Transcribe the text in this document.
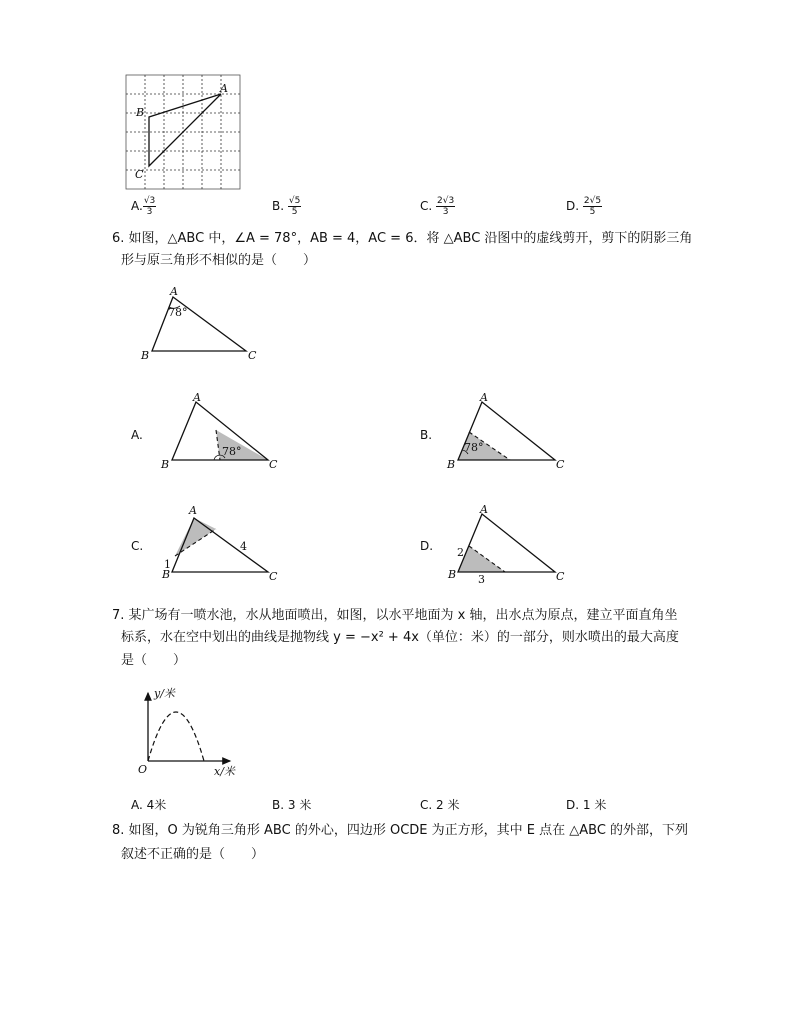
A
B
C
A. $\frac{√3}{3}$	B. $\frac{√5}{5}$	C. $\frac{2√3}{3}$	D. $\frac{2√5}{5}$
6. 如图，△ABC 中，∠A = 78°，AB = 4，AC = 6．将 △ABC 沿图中的虚线剪开，剪下的阴影三角
形与原三角形不相似的是（　　）
A
B	C
78°
A.
A
B	C
78°
B.
A
B	C
78°
C.
A
B	C
1
4	D.
A
B	C
2
3
7. 某广场有一喷水池，水从地面喷出，如图，以水平地面为 x 轴，出水点为原点，建立平面直角坐
标系，水在空中划出的曲线是抛物线 y = −x² + 4x（单位：米）的一部分，则水喷出的最大高度
是（　　）
y/米
x/米
O
A. 4米	B. 3 米	C. 2 米	D. 1 米
8. 如图，O 为锐角三角形 ABC 的外心，四边形 OCDE 为正方形，其中 E 点在 △ABC 的外部，下列
叙述不正确的是（　　）
